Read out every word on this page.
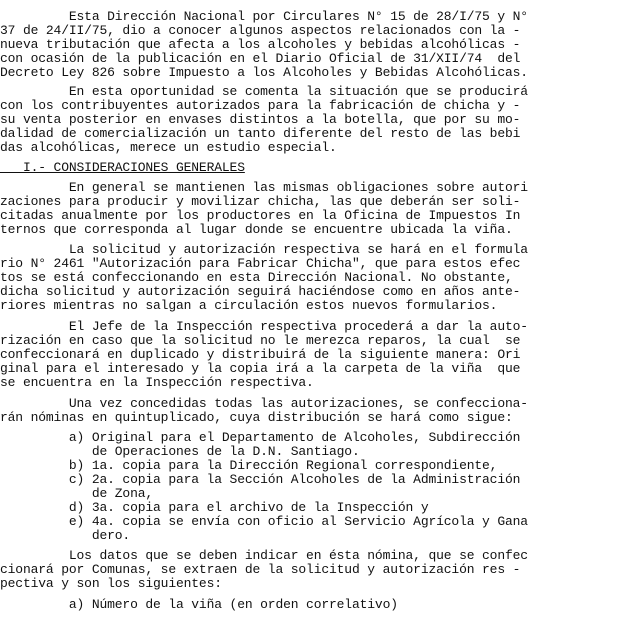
Esta Dirección Nacional por Circulares N° 15 de 28/I/75 y N°
37 de 24/II/75, dio a conocer algunos aspectos relacionados con la -
nueva tributación que afecta a los alcoholes y bebidas alcohólicas -
con ocasión de la publicación en el Diario Oficial de 31/XII/74  del
Decreto Ley 826 sobre Impuesto a los Alcoholes y Bebidas Alcohólicas.
En esta oportunidad se comenta la situación que se producirá
con los contribuyentes autorizados para la fabricación de chicha y -
su venta posterior en envases distintos a la botella, que por su mo-
dalidad de comercialización un tanto diferente del resto de las bebi
das alcohólicas, merece un estudio especial.
I.- CONSIDERACIONES GENERALES
En general se mantienen las mismas obligaciones sobre autori
zaciones para producir y movilizar chicha, las que deberán ser soli-
citadas anualmente por los productores en la Oficina de Impuestos In
ternos que corresponda al lugar donde se encuentre ubicada la viña.
La solicitud y autorización respectiva se hará en el formula
rio N° 2461 "Autorización para Fabricar Chicha", que para estos efec
tos se está confeccionando en esta Dirección Nacional. No obstante,
dicha solicitud y autorización seguirá haciéndose como en años ante-
riores mientras no salgan a circulación estos nuevos formularios.
El Jefe de la Inspección respectiva procederá a dar la auto-
rización en caso que la solicitud no le merezca reparos, la cual  se
confeccionará en duplicado y distribuirá de la siguiente manera: Ori
ginal para el interesado y la copia irá a la carpeta de la viña  que
se encuentra en la Inspección respectiva.
Una vez concedidas todas las autorizaciones, se confecciona-
rán nóminas en quintuplicado, cuya distribución se hará como sigue:
a) Original para el Departamento de Alcoholes, Subdirección
de Operaciones de la D.N. Santiago.
b) 1a. copia para la Dirección Regional correspondiente,
c) 2a. copia para la Sección Alcoholes de la Administración
de Zona,
d) 3a. copia para el archivo de la Inspección y
e) 4a. copia se envía con oficio al Servicio Agrícola y Gana
dero.
Los datos que se deben indicar en ésta nómina, que se confec
cionará por Comunas, se extraen de la solicitud y autorización res -
pectiva y son los siguientes:
a) Número de la viña (en orden correlativo)
